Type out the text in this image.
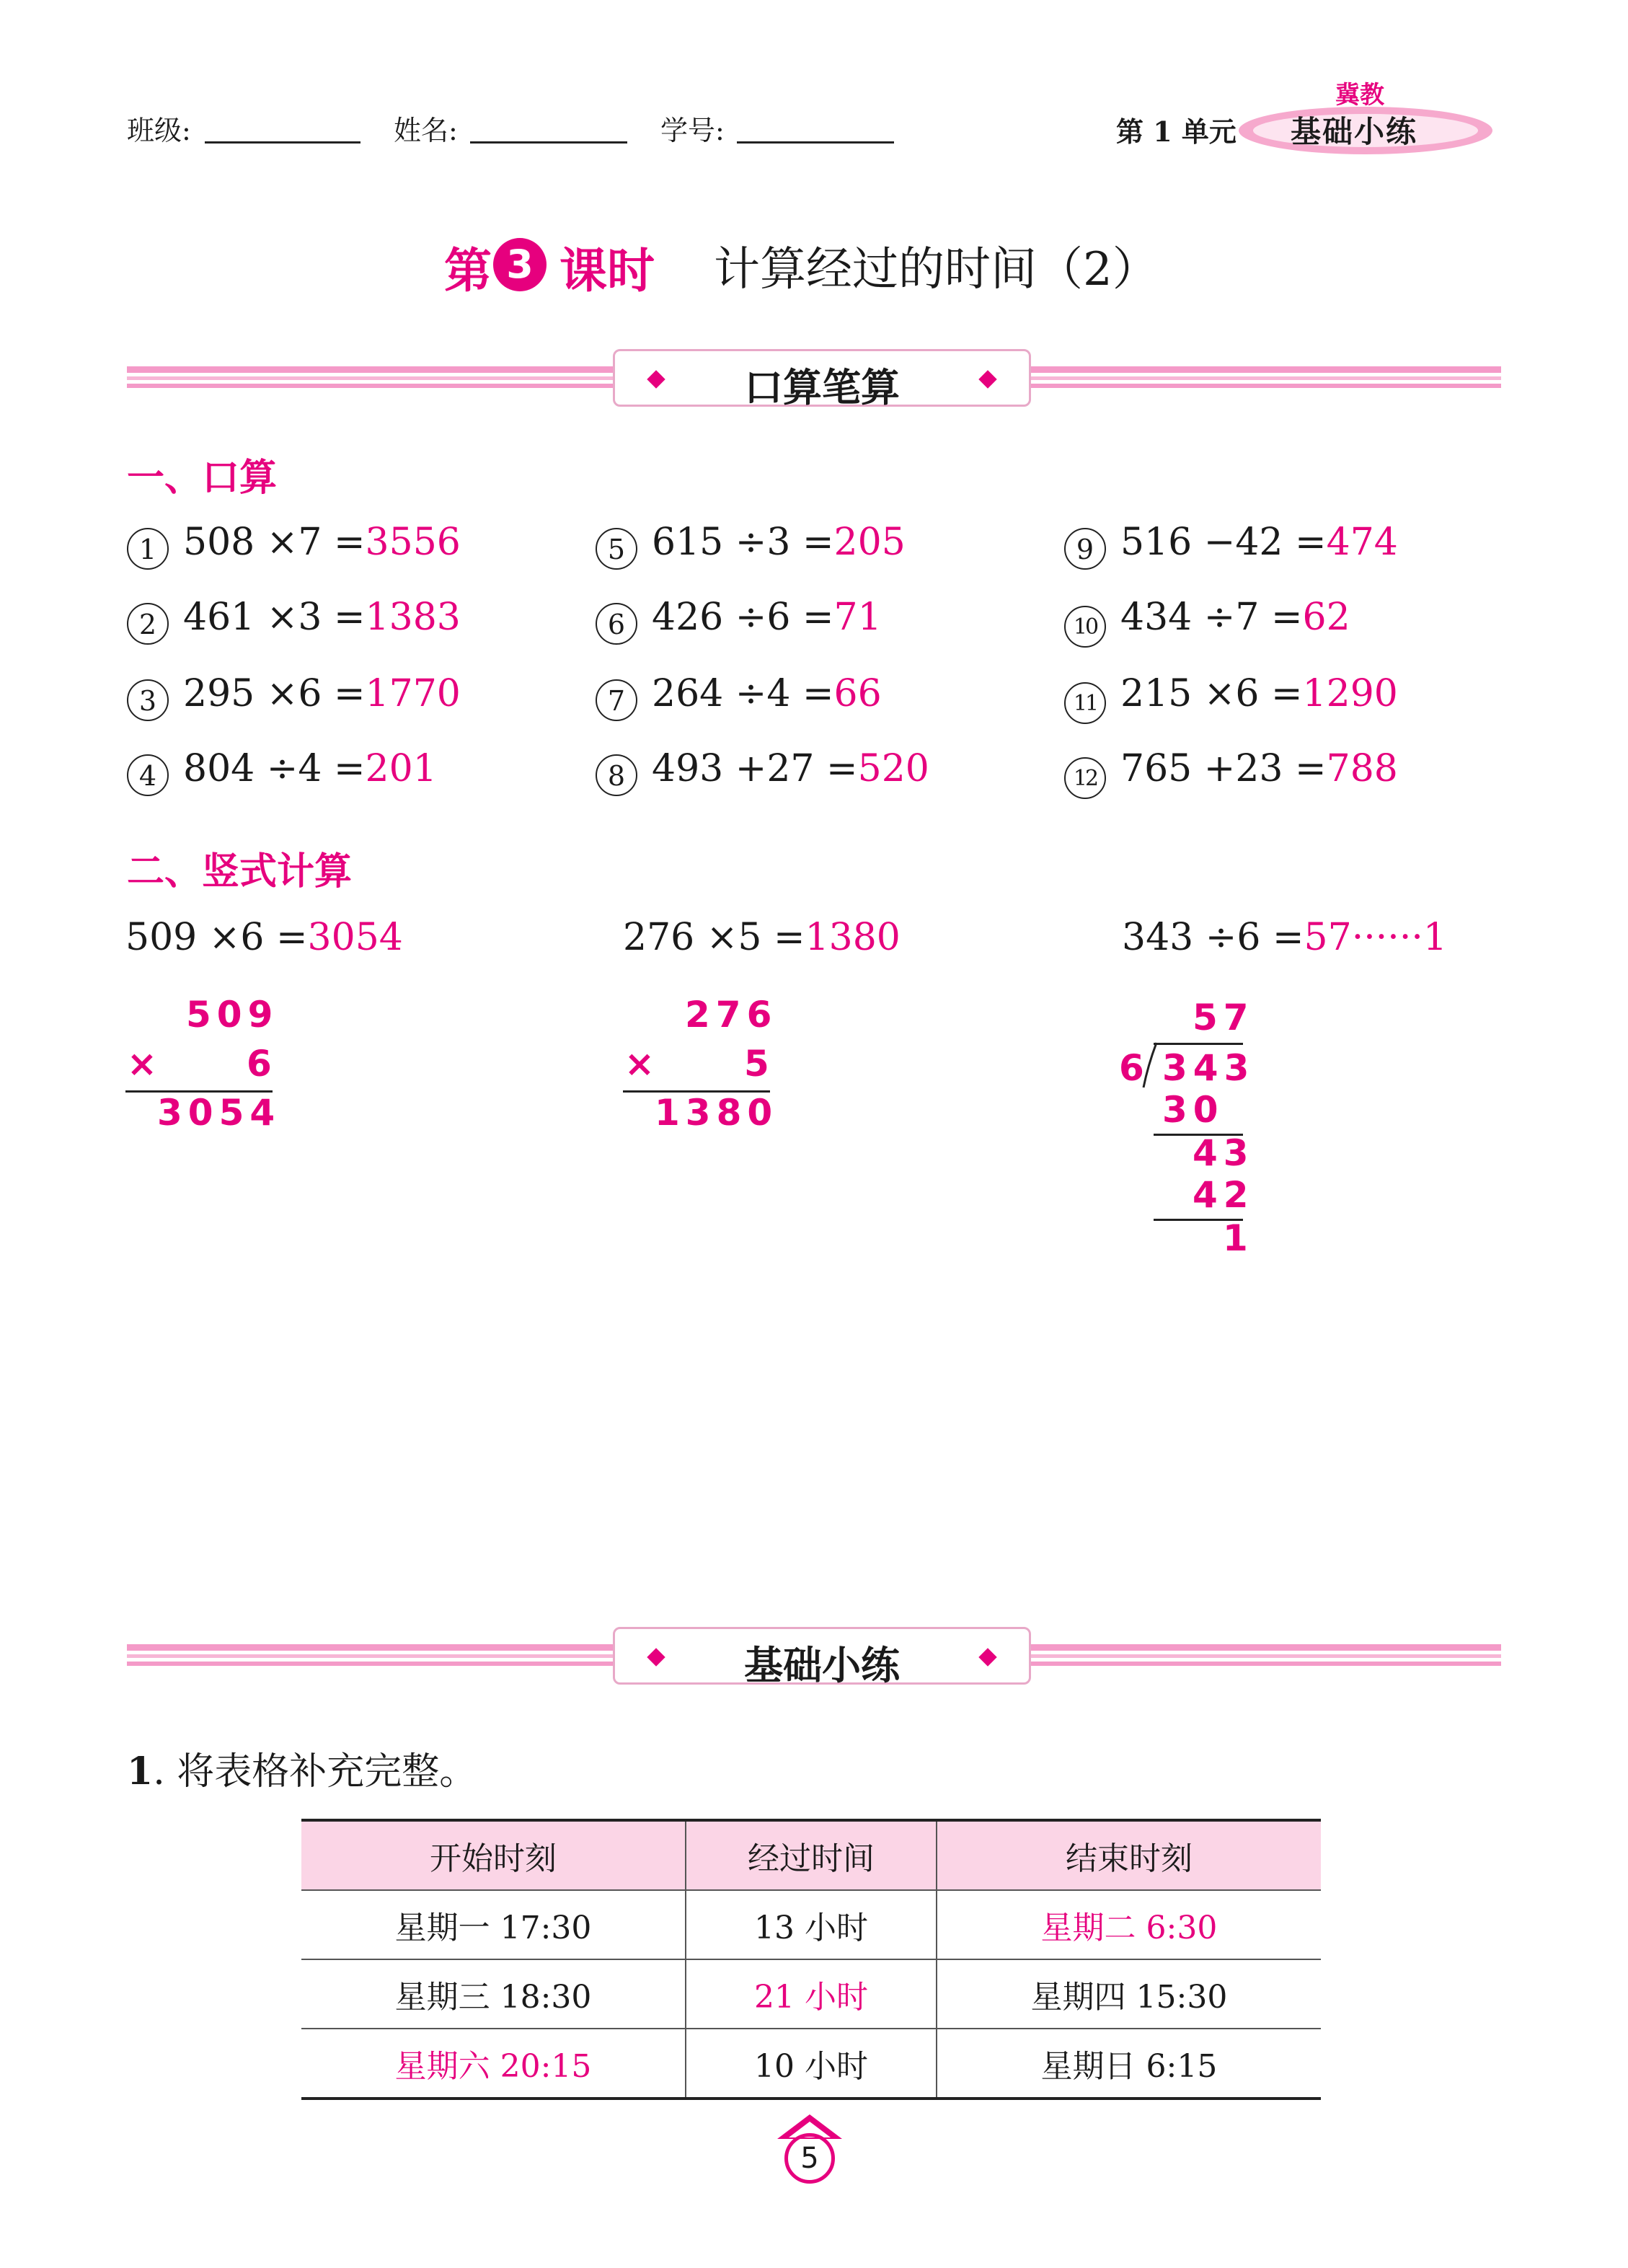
班级:	姓名:	学号:	第 1 单元
冀教
基础小练
第 3 课时 计算经过的时间（2）
口算笔算
一、口算
1 508 ×7 =3556	5 615 ÷3 =205	9 516 −42 =474
2 461 ×3 =1383	6 426 ÷6 =71	10 434 ÷7 =62
3 295 ×6 =1770	7 264 ÷4 =66	11 215 ×6 =1290
4 804 ÷4 =201	8 493 +27 =520	12 765 +23 =788
二、竖式计算
509 ×6 =3054
509
× 6
3054
276 ×5 =1380
276
× 5
1380
343 ÷6 =57······1
57
6 343
30
43
42
1
基础小练
1. 将表格补充完整。
开始时刻	经过时间	结束时刻
星期一 17:30	13 小时	星期二 6:30
星期三 18:30	21 小时	星期四 15:30
星期六 20:15	10 小时	星期日 6:15
5
